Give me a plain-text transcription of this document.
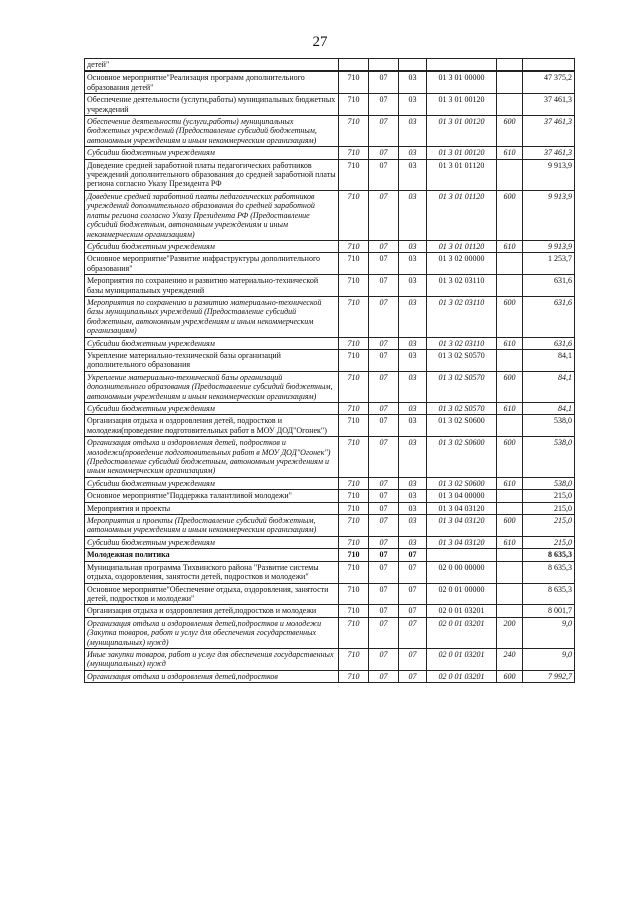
27
детей"						
Основное мероприятие"Реализация программ дополнительного образования детей"	710	07	03	01 3 01 00000		47 375,2
Обеспечение деятельности (услуги,работы) муниципальных бюджетных учреждений	710	07	03	01 3 01 00120		37 461,3
Обеспечение деятельности (услуги,работы) муниципальных бюджетных учреждений (Предоставление субсидий бюджетным, автономным учреждениям и иным некоммерческим организациям)	710	07	03	01 3 01 00120	600	37 461,3
Субсидии бюджетным учреждениям	710	07	03	01 3 01 00120	610	37 461,3
Доведение средней заработной платы педагогических работников учреждений дополнительного образования до средней заработной платы региона согласно Указу Президента РФ	710	07	03	01 3 01 01120		9 913,9
Доведение средней заработной платы педагогических работников учреждений дополнительного образования до средней заработной платы региона согласно Указу Президента РФ (Предоставление субсидий бюджетным, автономным учреждениям и иным некоммерческим организациям)	710	07	03	01 3 01 01120	600	9 913,9
Субсидии бюджетным учреждениям	710	07	03	01 3 01 01120	610	9 913,9
Основное мероприятие"Развитие инфраструктуры дополнительного образования"	710	07	03	01 3 02 00000		1 253,7
Мероприятия по сохранению и развитию материально-технической базы муниципальных учреждений	710	07	03	01 3 02 03110		631,6
Мероприятия по сохранению и развитию материально-технической базы муниципальных учреждений (Предоставление субсидий бюджетным, автономным учреждениям и иным некоммерческим организациям)	710	07	03	01 3 02 03110	600	631,6
Субсидии бюджетным учреждениям	710	07	03	01 3 02 03110	610	631,6
Укрепление материально-технической базы организаций дополнительного образования	710	07	03	01 3 02 S0570		84,1
Укрепление материально-технической базы организаций дополнительного образования (Предоставление субсидий бюджетным, автономным учреждениям и иным некоммерческим организациям)	710	07	03	01 3 02 S0570	600	84,1
Субсидии бюджетным учреждениям	710	07	03	01 3 02 S0570	610	84,1
Организация отдыха и оздоровления детей, подростков и молодежи(проведение подготовительных работ в МОУ ДОД"Огонек")	710	07	03	01 3 02 S0600		538,0
Организация отдыха и оздоровления детей, подростков и молодежи(проведение подготовительных работ в МОУ ДОД"Огонек") (Предоставление субсидий бюджетным, автономным учреждениям и иным некоммерческим организациям)	710	07	03	01 3 02 S0600	600	538,0
Субсидии бюджетным учреждениям	710	07	03	01 3 02 S0600	610	538,0
Основное мероприятие"Поддержка талантливой молодежи"	710	07	03	01 3 04 00000		215,0
Мероприятия и проекты	710	07	03	01 3 04 03120		215,0
Мероприятия и проекты (Предоставление субсидий бюджетным, автономным учреждениям и иным некоммерческим организациям)	710	07	03	01 3 04 03120	600	215,0
Субсидии бюджетным учреждениям	710	07	03	01 3 04 03120	610	215,0
Молодежная политика	710	07	07			8 635,3
Муниципальная программа Тихвинского района "Развитие системы отдыха, оздоровления, занятости детей, подростков и молодежи"	710	07	07	02 0 00 00000		8 635,3
Основное мероприятие"Обеспечение отдыха, оздоровления, занятости детей, подростков и молодежи"	710	07	07	02 0 01 00000		8 635,3
Организация отдыха и оздоровления детей,подростков и молодежи	710	07	07	02 0 01 03201		8 001,7
Организация отдыха и оздоровления детей,подростков и молодежи (Закупка товаров, работ и услуг для обеспечения государственных (муниципальных) нужд)	710	07	07	02 0 01 03201	200	9,0
Иные закупки товаров, работ и услуг для обеспечения государственных (муниципальных) нужд	710	07	07	02 0 01 03201	240	9,0
Организация отдыха и оздоровления детей,подростков	710	07	07	02 0 01 03201	600	7 992,7
